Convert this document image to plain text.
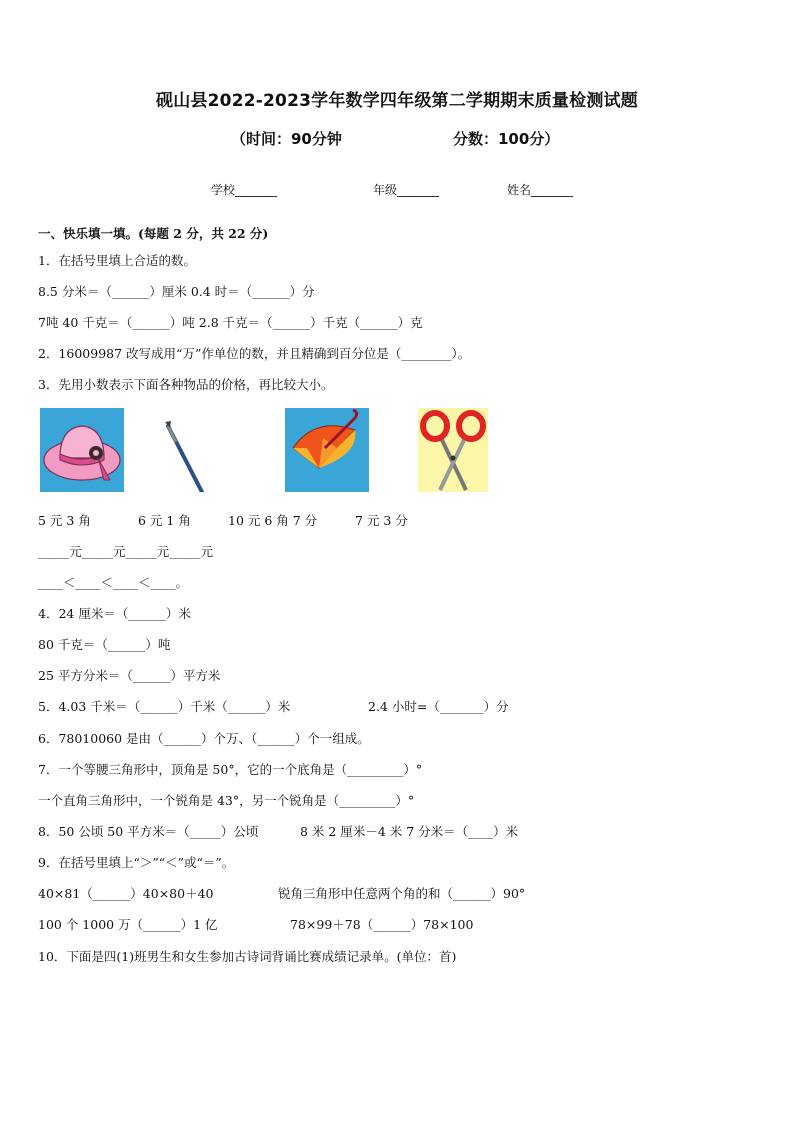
砚山县2022-2023学年数学四年级第二学期期末质量检测试题
（时间：90分钟	分数：100分）
学校_______	年级_______	姓名_______
一、快乐填一填。(每题 2 分，共 22 分)
1．在括号里填上合适的数。
8.5 分米＝（______）厘米 0.4 时＝（______）分
7吨 40 千克＝（______）吨 2.8 千克＝（______）千克（______）克
2．16009987 改写成用“万”作单位的数，并且精确到百分位是（________）。
3．先用小数表示下面各种物品的价格，再比较大小。
5 元 3 角	6 元 1 角	10 元 6 角 7 分	7 元 3 分
_____元_____元_____元_____元
____＜____＜____＜____。
4．24 厘米＝（______）米
80 千克＝（______）吨
25 平方分米＝（______）平方米
5．4.03 千米＝（______）千米（______）米	2.4 小时=（_______）分
6．78010060 是由（______）个万、（______）个一组成。
7．一个等腰三角形中，顶角是 50°，它的一个底角是（_________）°
一个直角三角形中，一个锐角是 43°，另一个锐角是（_________）°
8．50 公顷 50 平方米＝（_____）公顷	8 米 2 厘米－4 米 7 分米＝（____）米
9．在括号里填上“＞”“＜”或“＝”。
40×81（______）40×80＋40	锐角三角形中任意两个角的和（______）90°
100 个 1000 万（______）1 亿	78×99＋78（______）78×100
10．下面是四(1)班男生和女生参加古诗词背诵比赛成绩记录单。(单位：首)
